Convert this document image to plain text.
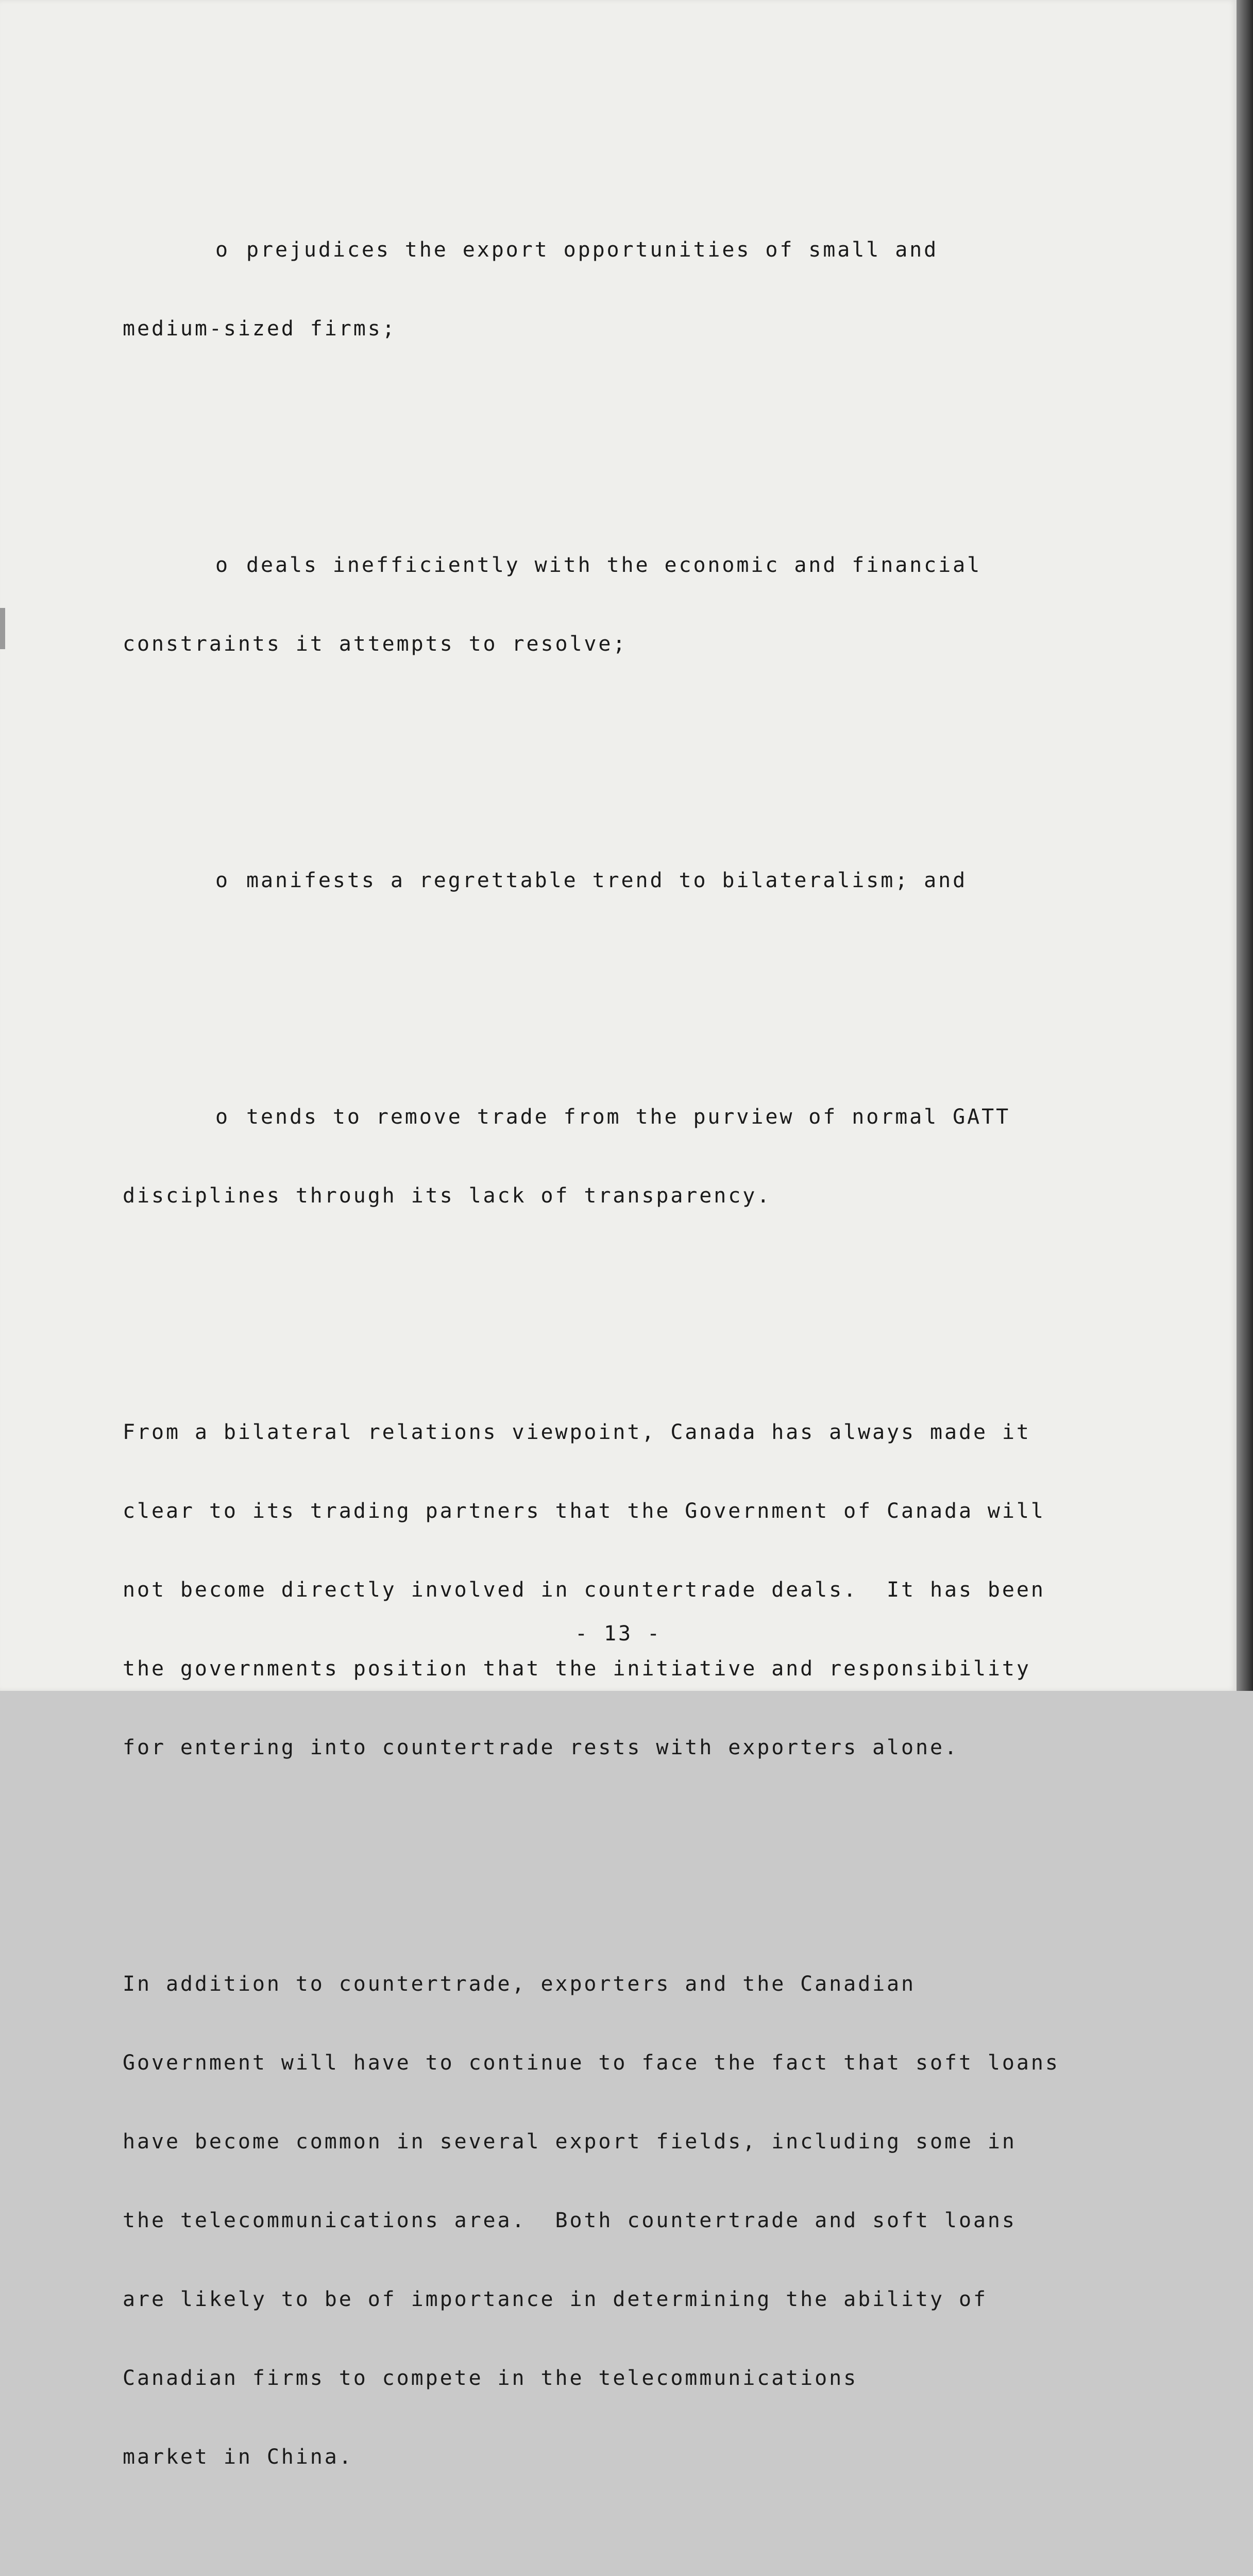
o prejudices the export opportunities of small and

medium-sized firms;

o deals inefficiently with the economic and financial

constraints it attempts to resolve;

o manifests a regrettable trend to bilateralism; and

o tends to remove trade from the purview of normal GATT

disciplines through its lack of transparency.

From a bilateral relations viewpoint, Canada has always made it

clear to its trading partners that the Government of Canada will

not become directly involved in countertrade deals.  It has been

the governments position that the initiative and responsibility

for entering into countertrade rests with exporters alone.

In addition to countertrade, exporters and the Canadian

Government will have to continue to face the fact that soft loans

have become common in several export fields, including some in

the telecommunications area.  Both countertrade and soft loans

are likely to be of importance in determining the ability of

Canadian firms to compete in the telecommunications

market in China.

- 13 -
